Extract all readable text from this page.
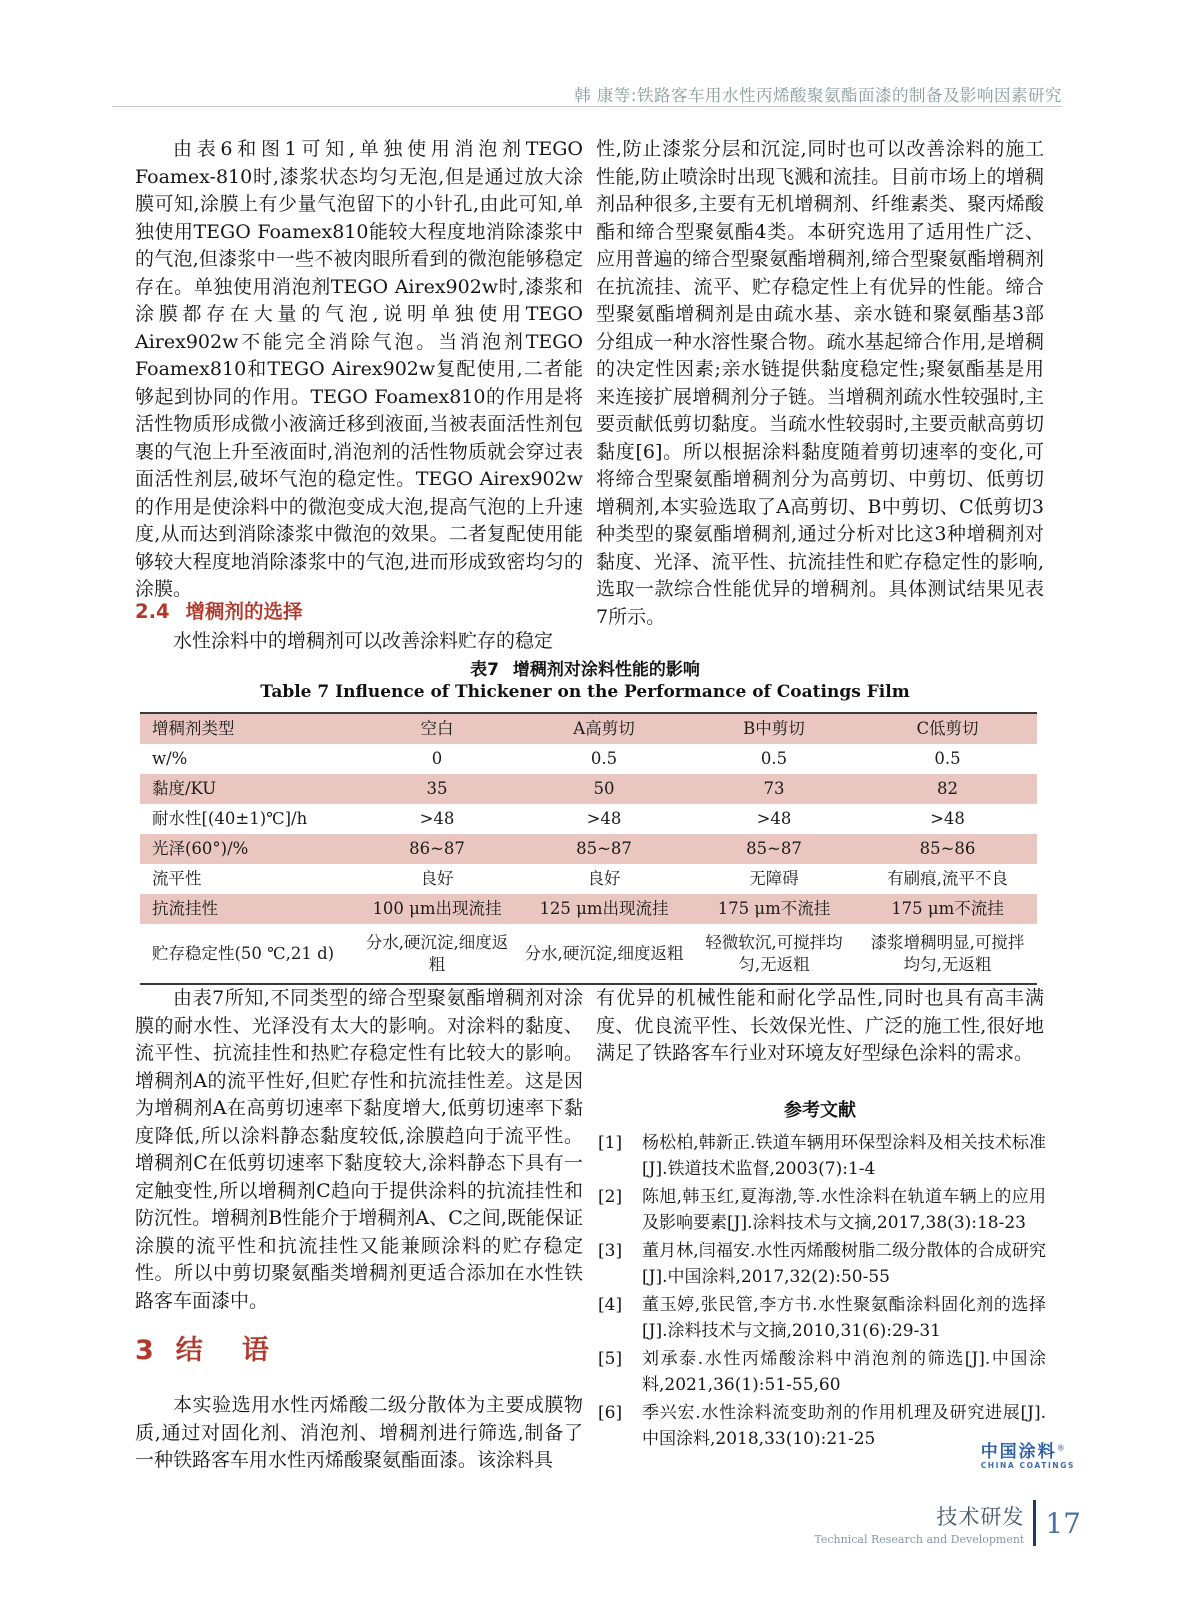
韩 康等:铁路客车用水性丙烯酸聚氨酯面漆的制备及影响因素研究

由表6和图1可知,单独使用消泡剂TEGO Foamex-810时,漆浆状态均匀无泡,但是通过放大涂膜可知,涂膜上有少量气泡留下的小针孔,由此可知,单独使用TEGO Foamex810能较大程度地消除漆浆中的气泡,但漆浆中一些不被肉眼所看到的微泡能够稳定存在。单独使用消泡剂TEGO Airex902w时,漆浆和涂膜都存在大量的气泡,说明单独使用TEGO Airex902w不能完全消除气泡。当消泡剂TEGO Foamex810和TEGO Airex902w复配使用,二者能够起到协同的作用。TEGO Foamex810的作用是将活性物质形成微小液滴迁移到液面,当被表面活性剂包裹的气泡上升至液面时,消泡剂的活性物质就会穿过表面活性剂层,破坏气泡的稳定性。TEGO Airex902w的作用是使涂料中的微泡变成大泡,提高气泡的上升速度,从而达到消除漆浆中微泡的效果。二者复配使用能够较大程度地消除漆浆中的气泡,进而形成致密均匀的涂膜。

2.4 增稠剂的选择

水性涂料中的增稠剂可以改善涂料贮存的稳定

性,防止漆浆分层和沉淀,同时也可以改善涂料的施工性能,防止喷涂时出现飞溅和流挂。目前市场上的增稠剂品种很多,主要有无机增稠剂、纤维素类、聚丙烯酸酯和缔合型聚氨酯4类。本研究选用了适用性广泛、应用普遍的缔合型聚氨酯增稠剂,缔合型聚氨酯增稠剂在抗流挂、流平、贮存稳定性上有优异的性能。缔合型聚氨酯增稠剂是由疏水基、亲水链和聚氨酯基3部分组成一种水溶性聚合物。疏水基起缔合作用,是增稠的决定性因素;亲水链提供黏度稳定性;聚氨酯基是用来连接扩展增稠剂分子链。当增稠剂疏水性较强时,主要贡献低剪切黏度。当疏水性较弱时,主要贡献高剪切黏度[6]。所以根据涂料黏度随着剪切速率的变化,可将缔合型聚氨酯增稠剂分为高剪切、中剪切、低剪切增稠剂,本实验选取了A高剪切、B中剪切、C低剪切3种类型的聚氨酯增稠剂,通过分析对比这3种增稠剂对黏度、光泽、流平性、抗流挂性和贮存稳定性的影响,选取一款综合性能优异的增稠剂。具体测试结果见表7所示。

表7 增稠剂对涂料性能的影响
Table 7 Influence of Thickener on the Performance of Coatings Film
增稠剂类型	空白	A高剪切	B中剪切	C低剪切
w/%	0	0.5	0.5	0.5
黏度/KU	35	50	73	82
耐水性[(40±1)℃]/h	>48	>48	>48	>48
光泽(60°)/%	86~87	85~87	85~87	85~86
流平性	良好	良好	无障碍	有刷痕,流平不良
抗流挂性	100 μm出现流挂	125 μm出现流挂	175 μm不流挂	175 μm不流挂
贮存稳定性(50 ℃,21 d)	分水,硬沉淀,细度返粗	分水,硬沉淀,细度返粗	轻微软沉,可搅拌均匀,无返粗	漆浆增稠明显,可搅拌均匀,无返粗

由表7所知,不同类型的缔合型聚氨酯增稠剂对涂膜的耐水性、光泽没有太大的影响。对涂料的黏度、流平性、抗流挂性和热贮存稳定性有比较大的影响。增稠剂A的流平性好,但贮存性和抗流挂性差。这是因为增稠剂A在高剪切速率下黏度增大,低剪切速率下黏度降低,所以涂料静态黏度较低,涂膜趋向于流平性。增稠剂C在低剪切速率下黏度较大,涂料静态下具有一定触变性,所以增稠剂C趋向于提供涂料的抗流挂性和防沉性。增稠剂B性能介于增稠剂A、C之间,既能保证涂膜的流平性和抗流挂性又能兼顾涂料的贮存稳定性。所以中剪切聚氨酯类增稠剂更适合添加在水性铁路客车面漆中。

3 结 语

本实验选用水性丙烯酸二级分散体为主要成膜物质,通过对固化剂、消泡剂、增稠剂进行筛选,制备了一种铁路客车用水性丙烯酸聚氨酯面漆。该涂料具

有优异的机械性能和耐化学品性,同时也具有高丰满度、优良流平性、长效保光性、广泛的施工性,很好地满足了铁路客车行业对环境友好型绿色涂料的需求。

参考文献
[1] 杨松柏,韩新正.铁道车辆用环保型涂料及相关技术标准[J].铁道技术监督,2003(7):1-4
[2] 陈旭,韩玉红,夏海渤,等.水性涂料在轨道车辆上的应用及影响要素[J].涂料技术与文摘,2017,38(3):18-23
[3] 董月林,闫福安.水性丙烯酸树脂二级分散体的合成研究[J].中国涂料,2017,32(2):50-55
[4] 董玉婷,张民管,李方书.水性聚氨酯涂料固化剂的选择[J].涂料技术与文摘,2010,31(6):29-31
[5] 刘承泰.水性丙烯酸涂料中消泡剂的筛选[J].中国涂料,2021,36(1):51-55,60
[6] 季兴宏.水性涂料流变助剂的作用机理及研究进展[J].中国涂料,2018,33(10):21-25
中国涂料®
CHINA COATINGS
技术研发
Technical Research and Development 17
